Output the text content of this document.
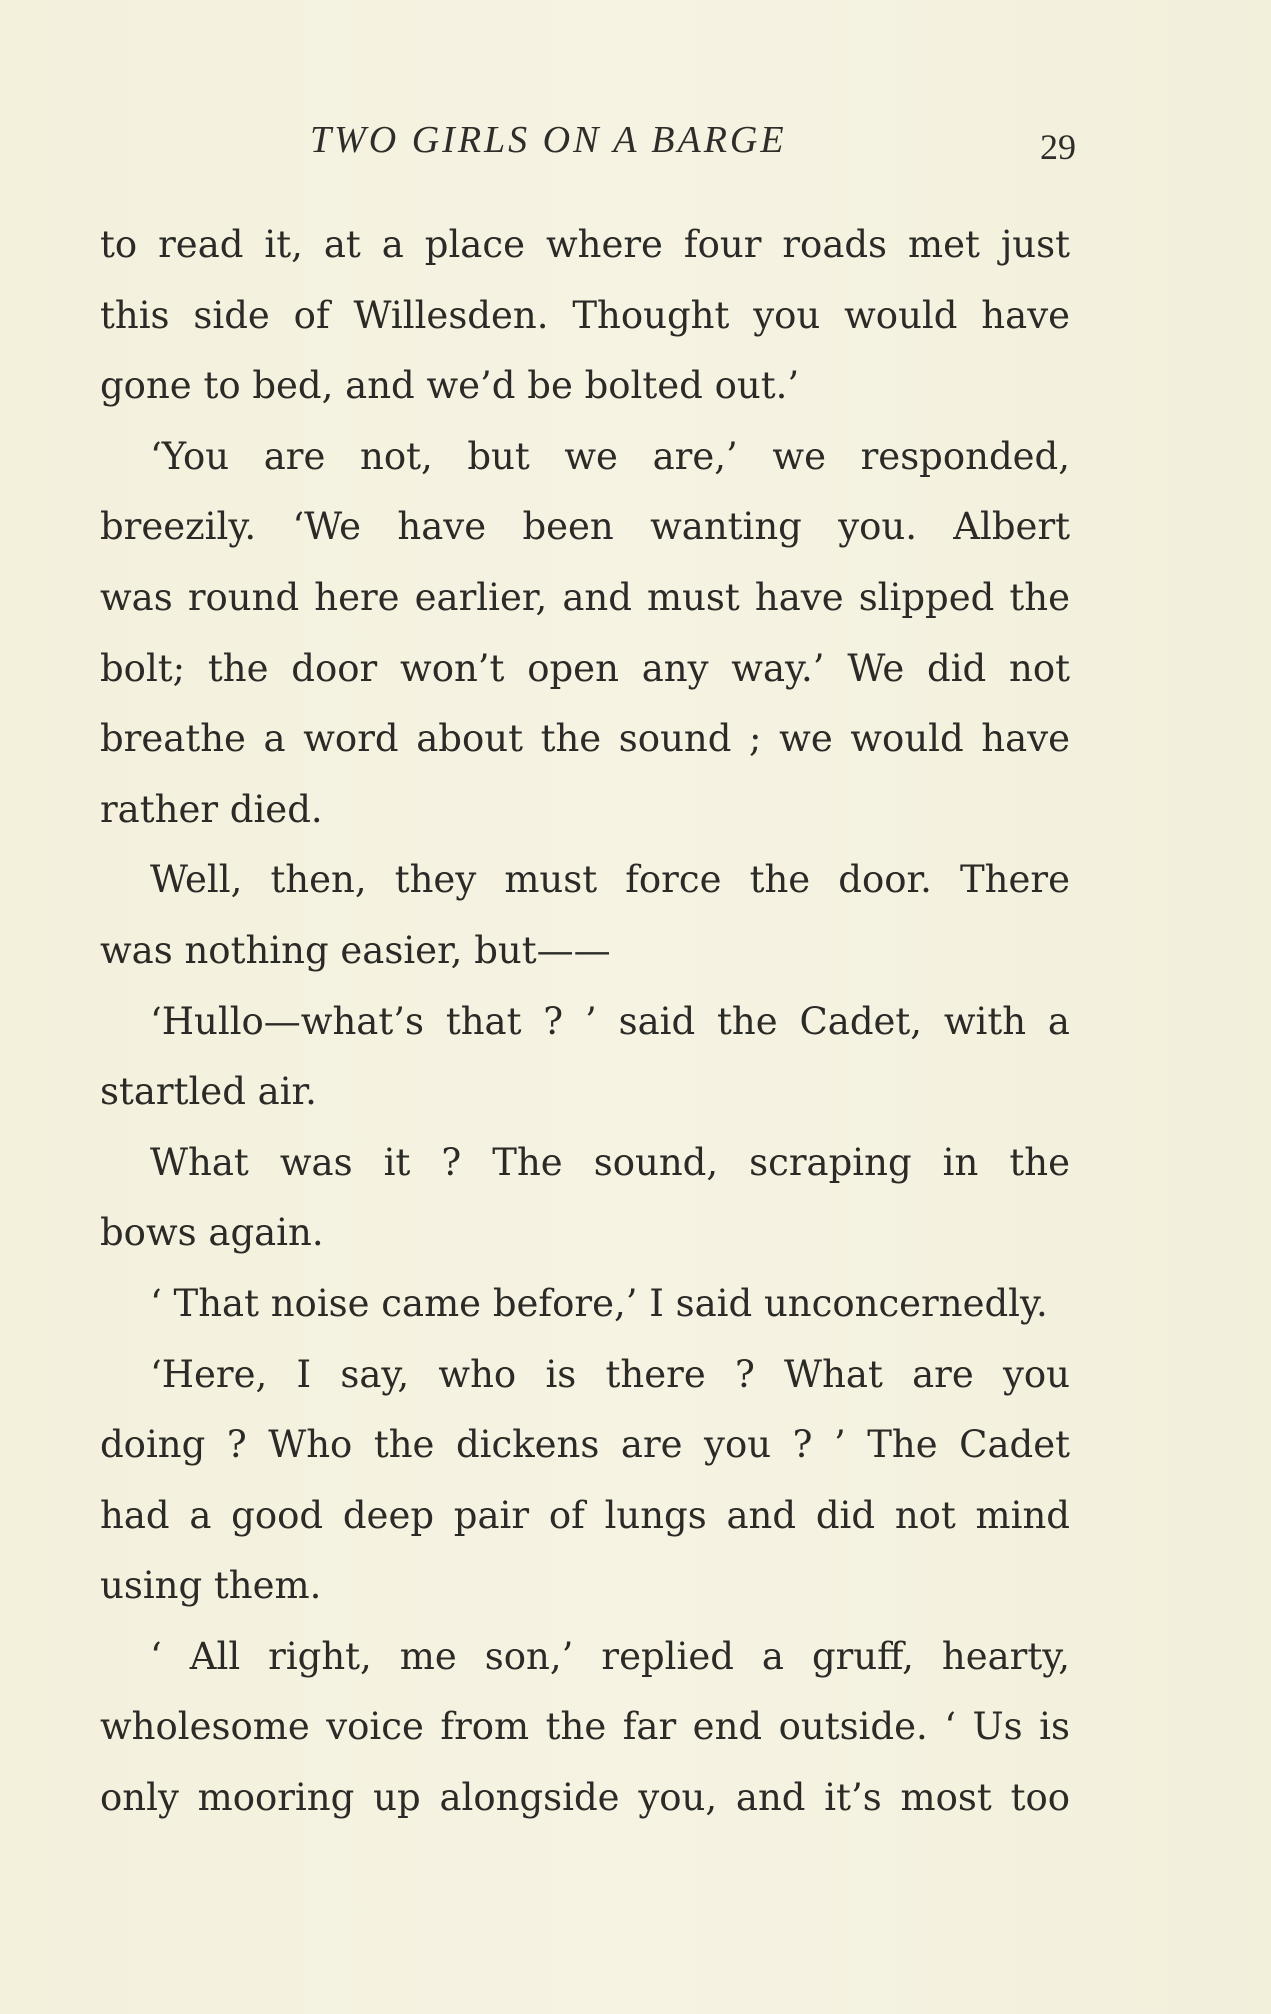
TWO GIRLS ON A BARGE	29
to read it, at a place where four roads met just
this side of Willesden. Thought you would have
gone to bed, and we’d be bolted out.’
‘You are not, but we are,’ we responded,
breezily. ‘We have been wanting you. Albert
was round here earlier, and must have slipped the
bolt; the door won’t open any way.’ We did not
breathe a word about the sound ; we would have
rather died.
Well, then, they must force the door. There
was nothing easier, but——
‘Hullo—what’s that ? ’ said the Cadet, with a
startled air.
What was it ? The sound, scraping in the
bows again.
‘ That noise came before,’ I said unconcernedly.
‘Here, I say, who is there ? What are you
doing ? Who the dickens are you ? ’ The Cadet
had a good deep pair of lungs and did not mind
using them.
‘ All right, me son,’ replied a gruff, hearty,
wholesome voice from the far end outside. ‘ Us is
only mooring up alongside you, and it’s most too
